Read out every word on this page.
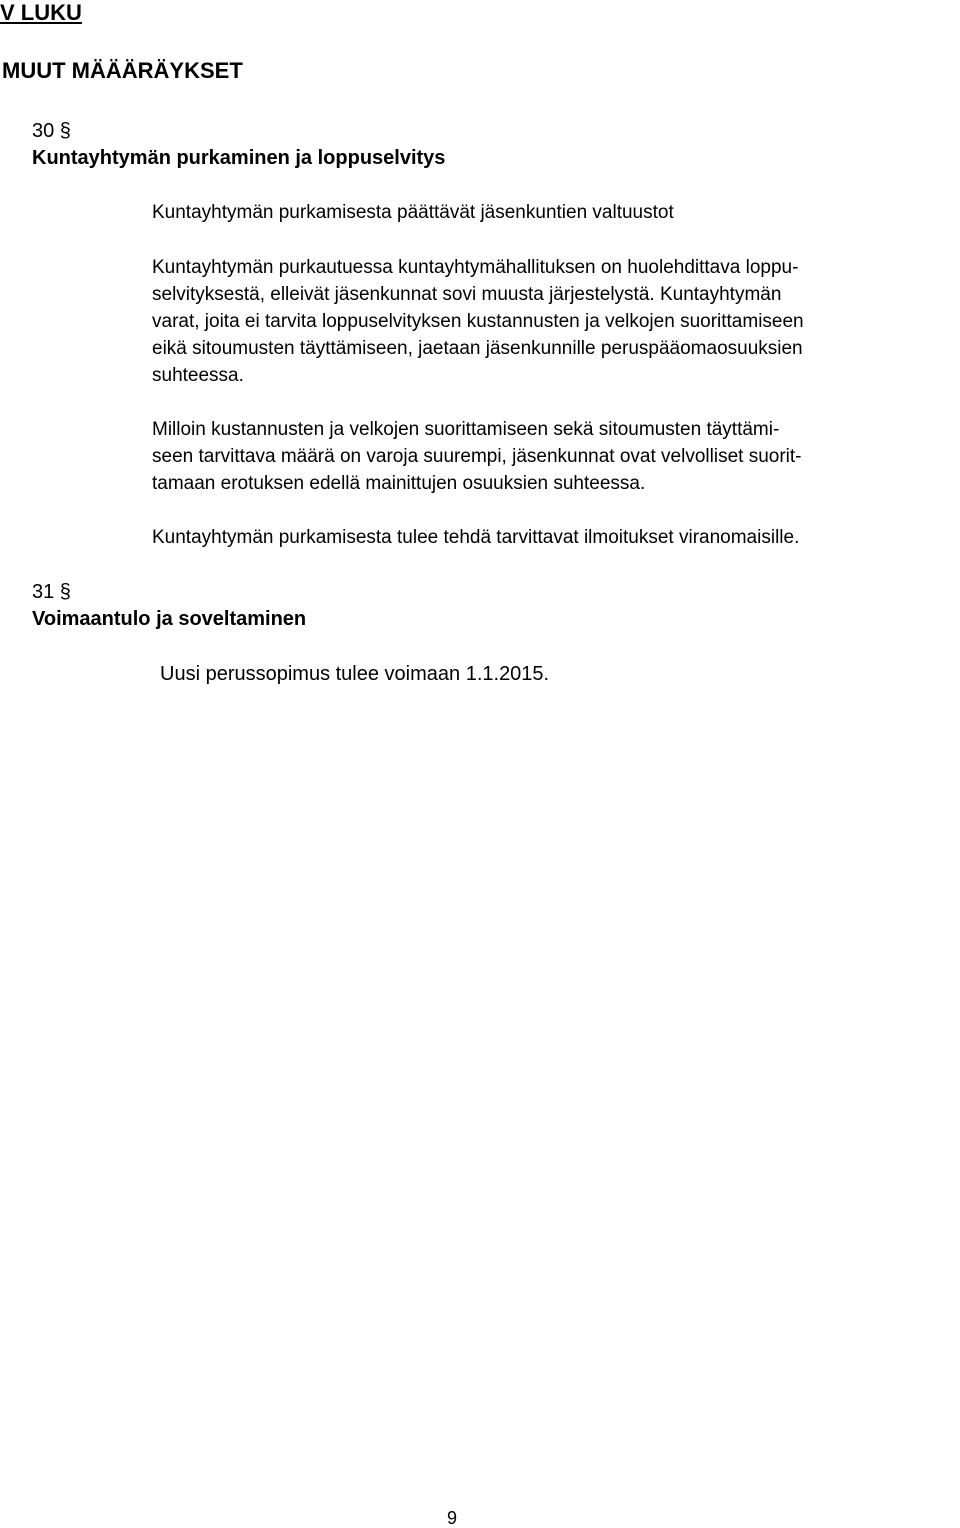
V LUKU
MUUT MÄÄÄRÄYKSET
30 §
Kuntayhtymän purkaminen ja loppuselvitys
Kuntayhtymän purkamisesta päättävät jäsenkuntien valtuustot
Kuntayhtymän purkautuessa kuntayhtymähallituksen on huolehdittava loppu-
selvityksestä, elleivät jäsenkunnat sovi muusta järjestelystä. Kuntayhtymän
varat, joita ei tarvita loppuselvityksen kustannusten ja velkojen suorittamiseen
eikä sitoumusten täyttämiseen, jaetaan jäsenkunnille peruspääomaosuuksien
suhteessa.
Milloin kustannusten ja velkojen suorittamiseen sekä sitoumusten täyttämi-
seen tarvittava määrä on varoja suurempi, jäsenkunnat ovat velvolliset suorit-
tamaan erotuksen edellä mainittujen osuuksien suhteessa.
Kuntayhtymän purkamisesta tulee tehdä tarvittavat ilmoitukset viranomaisille.
31 §
Voimaantulo ja soveltaminen
Uusi perussopimus tulee voimaan 1.1.2015.
9
